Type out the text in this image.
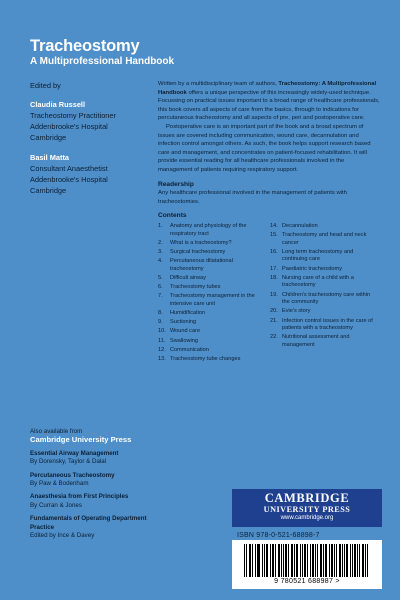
Tracheostomy
A Multiprofessional Handbook
Edited by
Claudia Russell
Tracheostomy Practitioner
Addenbrooke's Hospital
Cambridge
Basil Matta
Consultant Anaesthetist
Addenbrooke's Hospital
Cambridge

Written by a multidisciplinary team of authors, Tracheostomy: A Multiprofessional Handbook offers a unique perspective of this increasingly widely-used technique. Focussing on practical issues important to a broad range of healthcare professionals, this book covers all aspects of care from the basics, through to indications for percutaneous tracheostomy and all aspects of pre, peri and postoperative care.

Postoperative care is an important part of the book and a broad spectrum of issues are covered including communication, wound care, decannulation and infection control amongst others. As such, the book helps support research based care and management, and concentrates on patient-focused rehabilitation. It will provide essential reading for all healthcare professionals involved in the management of patients requiring respiratory support.

Readership

Any healthcare professional involved in the management of patients with tracheostomies.

Contents
1.	Anatomy and physiology of the respiratory tract
2.	What is a tracheostomy?
3.	Surgical tracheostomy
4.	Percutaneous dilatational tracheostomy
5.	Difficult airway
6.	Tracheostomy tubes
7.	Tracheostomy management in the intensive care unit
8.	Humidification
9.	Suctioning
10. Wound care
11. Swallowing
12. Communication
13. Tracheostomy tube changes
14. Decannulation
15. Tracheostomy and head and neck cancer
16. Long term tracheostomy and continuing care
17. Paediatric tracheostomy
18. Nursing care of a child with a tracheostomy
19. Children's tracheostomy care within the community
20. Evie's story
21. Infection control issues in the care of patients with a tracheostomy
22. Nutritional assessment and management
Also available from
Cambridge University Press
Essential Airway Management
By Dorensky, Taylor & Dalal
Percutaneous Tracheostomy
By Paw & Bodenham
Anaesthesia from First Principles
By Curran & Jones
Fundamentals of Operating Department Practice
Edited by Ince & Davey
CAMBRIDGE
UNIVERSITY PRESS
www.cambridge.org
ISBN 978-0-521-68898-7
9 780521 688987 >
